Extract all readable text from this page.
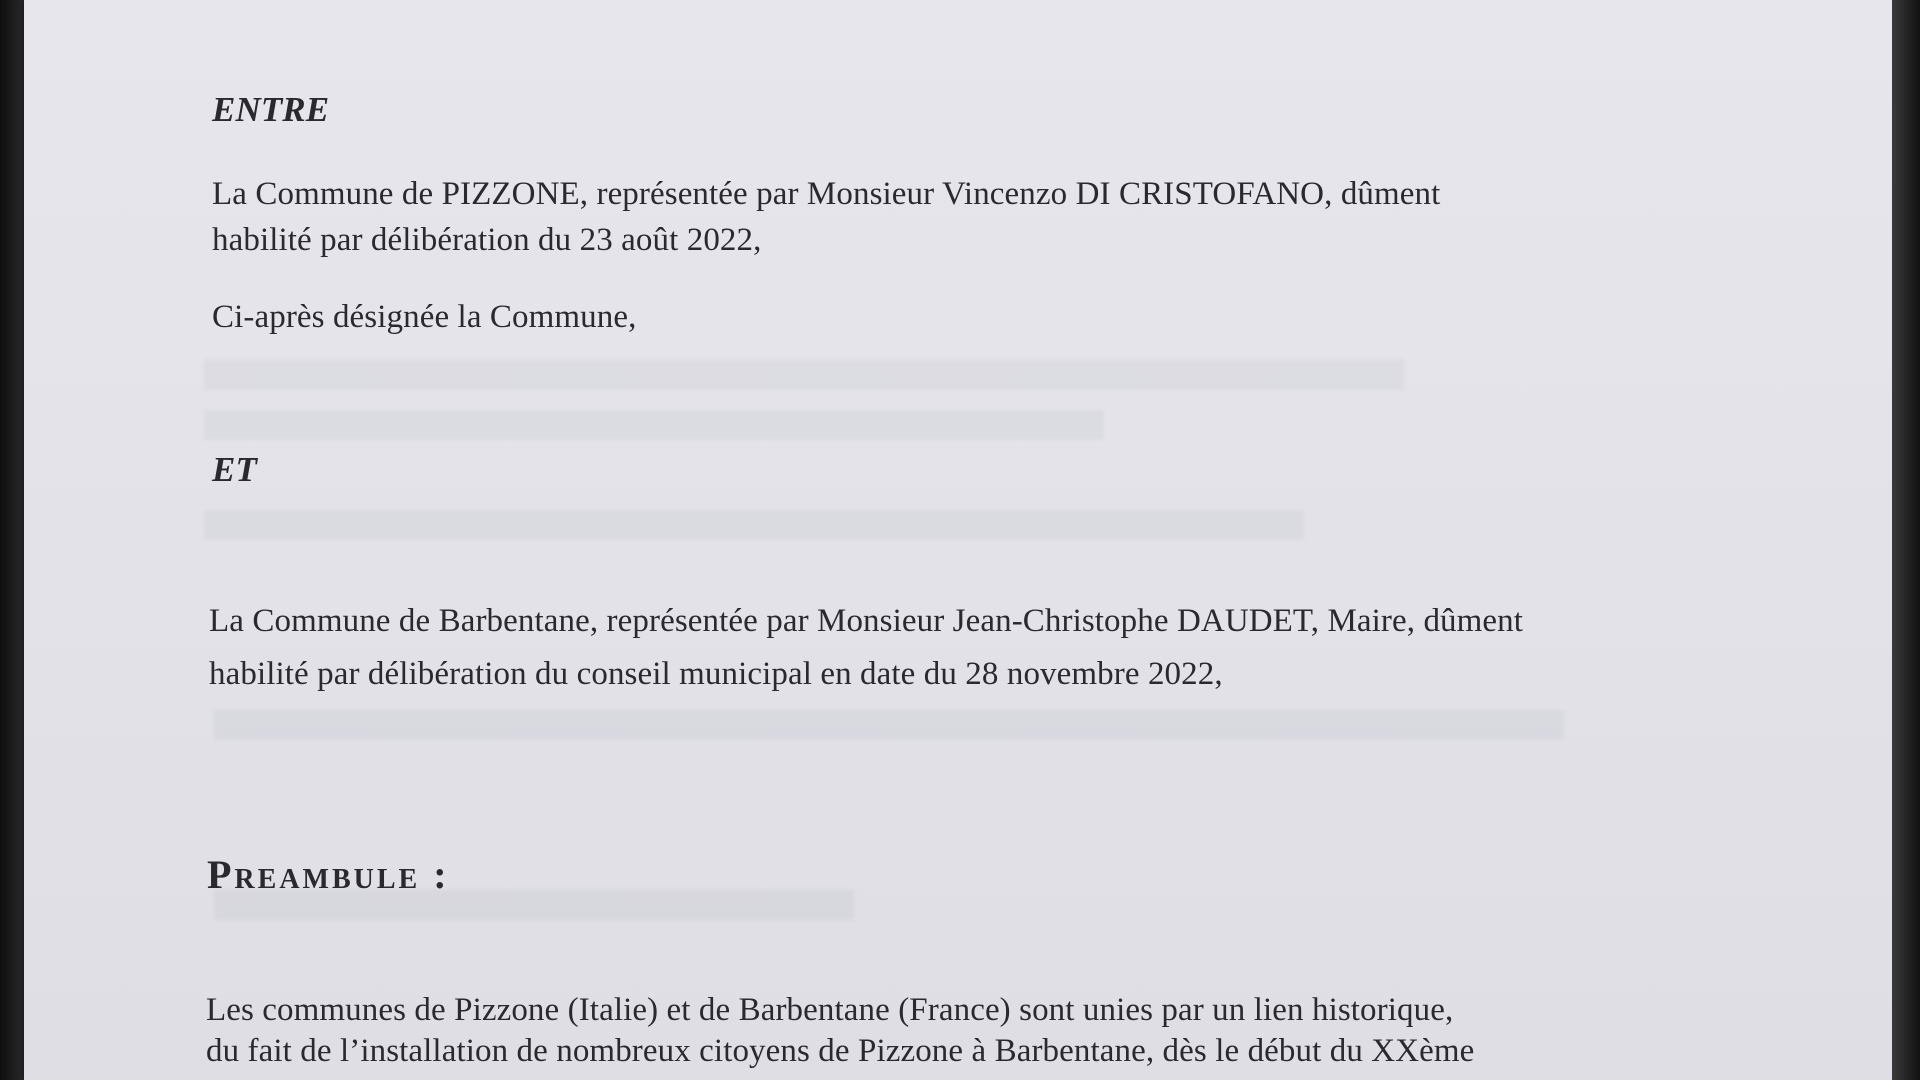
ENTRE
La Commune de PIZZONE, représentée par Monsieur Vincenzo DI CRISTOFANO, dûment
habilité par délibération du 23 août 2022,
Ci-après désignée la Commune,
ET
La Commune de Barbentane, représentée par Monsieur Jean-Christophe DAUDET, Maire, dûment
habilité par délibération du conseil municipal en date du 28 novembre 2022,
Preambule :
Les communes de Pizzone (Italie) et de Barbentane (France) sont unies par un lien historique,
du fait de l’installation de nombreux citoyens de Pizzone à Barbentane, dès le début du XXème
